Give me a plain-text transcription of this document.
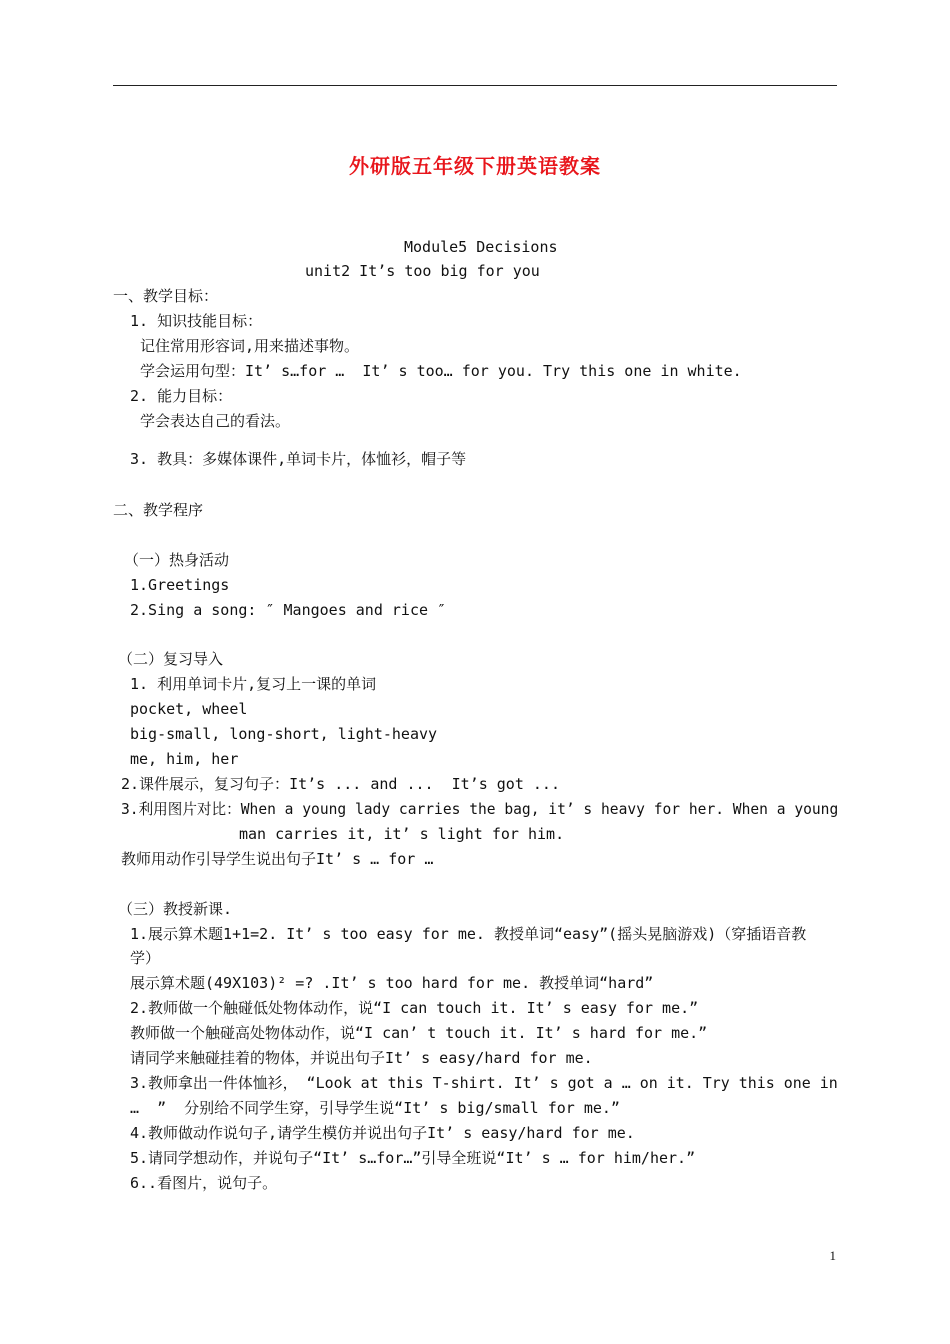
外研版五年级下册英语教案
Module5 Decisions
unit2 It’s too big for you
一、教学目标：
1. 知识技能目标：
记住常用形容词,用来描述事物。
学会运用句型：It’ s…for …  It’ s too… for you. Try this one in white.
2. 能力目标：
学会表达自己的看法。
3. 教具：多媒体课件,单词卡片，体恤衫，帽子等
二、教学程序
（一）热身活动
1.Greetings
2.Sing a song: ″ Mangoes and rice ″
（二）复习导入
1. 利用单词卡片,复习上一课的单词
pocket, wheel
big-small, long-short, light-heavy
me, him, her
2.课件展示，复习句子：It’s ... and ...  It’s got ...
3.利用图片对比：When a young lady carries the bag, it’ s heavy for her. When a young
man carries it, it’ s light for him.
教师用动作引导学生说出句子It’ s … for …
（三）教授新课.
1.展示算术题1+1=2. It’ s too easy for me. 教授单词“easy”(摇头晃脑游戏)（穿插语音教
学）
展示算术题(49X103)² =? .It’ s too hard for me. 教授单词“hard”
2.教师做一个触碰低处物体动作，说“I can touch it. It’ s easy for me.”
教师做一个触碰高处物体动作，说“I can’ t touch it. It’ s hard for me.”
请同学来触碰挂着的物体，并说出句子It’ s easy/hard for me.
3.教师拿出一件体恤衫， “Look at this T-shirt. It’ s got a … on it. Try this one in
…  ”  分别给不同学生穿，引导学生说“It’ s big/small for me.”
4.教师做动作说句子,请学生模仿并说出句子It’ s easy/hard for me.
5.请同学想动作，并说句子“It’ s…for…”引导全班说“It’ s … for him/her.”
6..看图片，说句子。
1
